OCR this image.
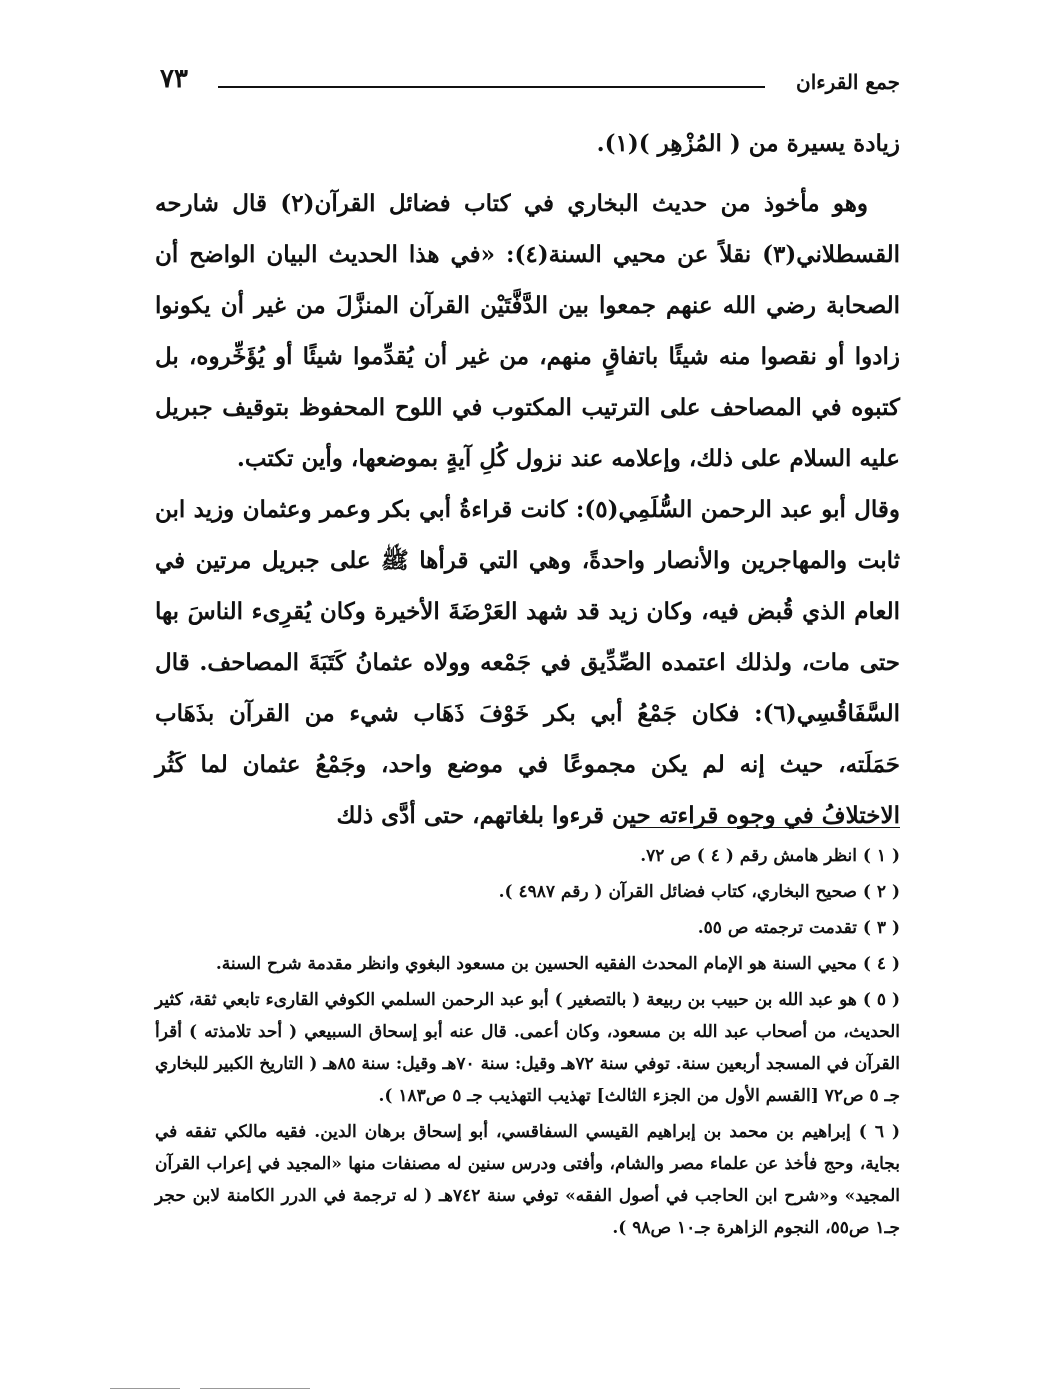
جمع القرءان
٧٣

زيادة يسيرة من ( المُزْهِر )(١).

وهو مأخوذ من حديث البخاري في كتاب فضائل القرآن(٢) قال شارحه القسطلاني(٣) نقلاً عن محيي السنة(٤): «في هذا الحديث البيان الواضح أن الصحابة رضي الله عنهم جمعوا بين الدَّفَّتَيْن القرآن المنزَّلَ من غير أن يكونوا زادوا أو نقصوا منه شيئًا باتفاقٍ منهم، من غير أن يُقدِّموا شيئًا أو يُؤَخِّروه، بل كتبوه في المصاحف على الترتيب المكتوب في اللوح المحفوظ بتوقيف جبريل عليه السلام على ذلك، وإعلامه عند نزول كُلِ آيةٍ بموضعها، وأين تكتب.

وقال أبو عبد الرحمن السُّلَمِي(٥): كانت قراءةُ أبي بكر وعمر وعثمان وزيد ابن ثابت والمهاجرين والأنصار واحدةً، وهي التي قرأها ﷺ على جبريل مرتين في العام الذي قُبض فيه، وكان زيد قد شهد العَرْضَةَ الأخيرة وكان يُقرِىء الناسَ بها حتى مات، ولذلك اعتمده الصِّدِّيق في جَمْعه وولاه عثمانُ كَتَبَةَ المصاحف. قال السَّفَاقُسِي(٦): فكان جَمْعُ أبي بكر خَوْفَ ذَهَاب شيء من القرآن بذَهَاب حَمَلَته، حيث إنه لم يكن مجموعًا في موضع واحد، وجَمْعُ عثمان لما كَثُر الاختلافُ في وجوه قراءته حين قرءوا بلغاتهم، حتى أدَّى ذلك

( ١ ) انظر هامش رقم ( ٤ ) ص ٧٢.

( ٢ ) صحيح البخاري، كتاب فضائل القرآن ( رقم ٤٩٨٧ ).

( ٣ ) تقدمت ترجمته ص ٥٥.

( ٤ ) محيي السنة هو الإمام المحدث الفقيه الحسين بن مسعود البغوي وانظر مقدمة شرح السنة.

( ٥ ) هو عبد الله بن حبيب بن ربيعة ( بالتصغير ) أبو عبد الرحمن السلمي الكوفي القارىء تابعي ثقة، كثير الحديث، من أصحاب عبد الله بن مسعود، وكان أعمى. قال عنه أبو إسحاق السبيعي ( أحد تلامذته ) أقرأ القرآن في المسجد أربعين سنة. توفي سنة ٧٢هـ وقيل: سنة ٧٠هـ وقيل: سنة ٨٥هـ ( التاريخ الكبير للبخاري جـ ٥ ص٧٢ [القسم الأول من الجزء الثالث] تهذيب التهذيب جـ ٥ ص١٨٣ ).

( ٦ ) إبراهيم بن محمد بن إبراهيم القيسي السفاقسي، أبو إسحاق برهان الدين. فقيه مالكي تفقه في بجاية، وحج فأخذ عن علماء مصر والشام، وأفتى ودرس سنين له مصنفات منها «المجيد في إعراب القرآن المجيد» و«شرح ابن الحاجب في أصول الفقه» توفي سنة ٧٤٢هـ ( له ترجمة في الدرر الكامنة لابن حجر جـ١ ص٥٥، النجوم الزاهرة جـ١٠ ص٩٨ ).
